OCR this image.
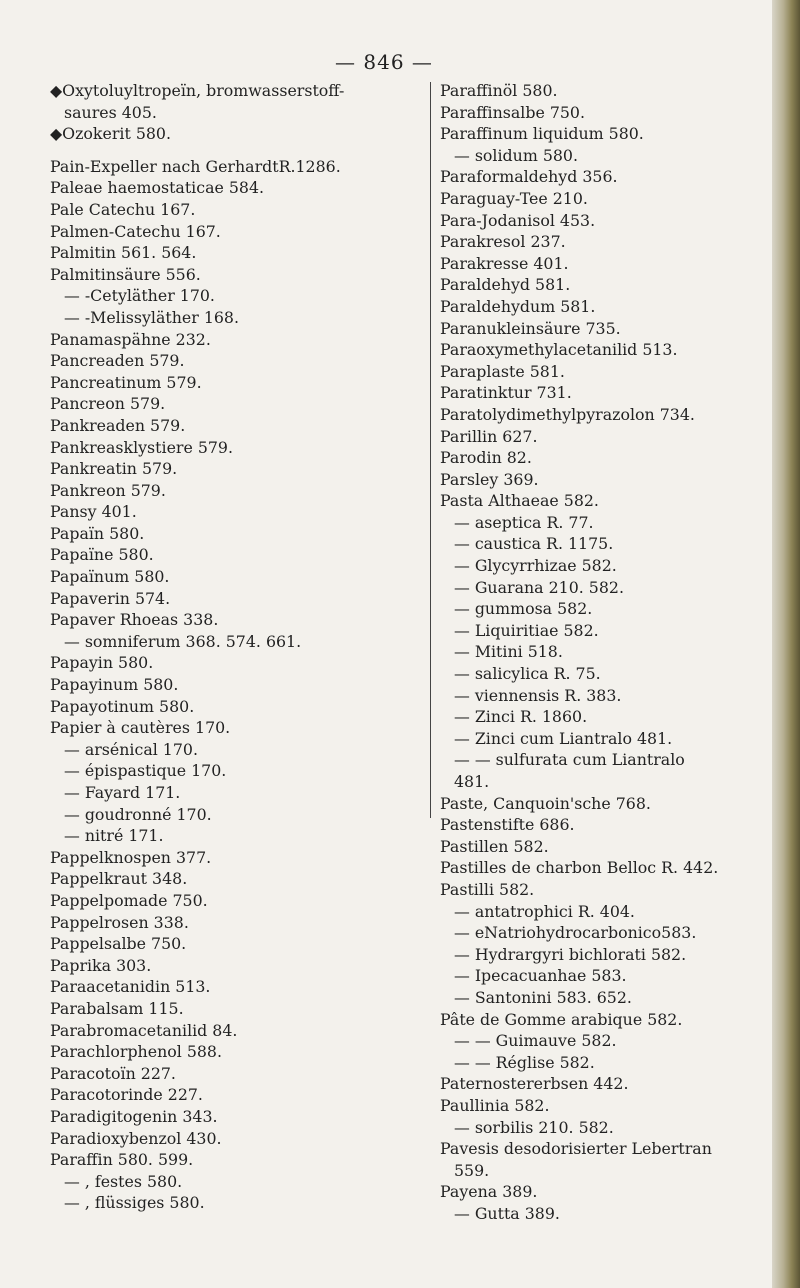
— 846 —
◆Oxytoluyltropeïn, bromwasserstoff-
saures 405.
◆Ozokerit 580.
Pain-Expeller nach GerhardtR.1286.
Paleae haemostaticae 584.
Pale Catechu 167.
Palmen-Catechu 167.
Palmitin 561. 564.
Palmitinsäure 556.
— -Cetyläther 170.
— -Melissyläther 168.
Panamaspähne 232.
Pancreaden 579.
Pancreatinum 579.
Pancreon 579.
Pankreaden 579.
Pankreasklystiere 579.
Pankreatin 579.
Pankreon 579.
Pansy 401.
Papaïn 580.
Papaïne 580.
Papaïnum 580.
Papaverin 574.
Papaver Rhoeas 338.
— somniferum 368. 574. 661.
Papayin 580.
Papayinum 580.
Papayotinum 580.
Papier à cautères 170.
— arsénical 170.
— épispastique 170.
— Fayard 171.
— goudronné 170.
— nitré 171.
Pappelknospen 377.
Pappelkraut 348.
Pappelpomade 750.
Pappelrosen 338.
Pappelsalbe 750.
Paprika 303.
Paraacetanidin 513.
Parabalsam 115.
Parabromacetanilid 84.
Parachlorphenol 588.
Paracotoïn 227.
Paracotorinde 227.
Paradigitogenin 343.
Paradioxybenzol 430.
Paraffin 580. 599.
— , festes 580.
— , flüssiges 580.
Paraffinöl 580.
Paraffinsalbe 750.
Paraffinum liquidum 580.
— solidum 580.
Paraformaldehyd 356.
Paraguay-Tee 210.
Para-Jodanisol 453.
Parakresol 237.
Parakresse 401.
Paraldehyd 581.
Paraldehydum 581.
Paranukleinsäure 735.
Paraoxymethylacetanilid 513.
Paraplaste 581.
Paratinktur 731.
Paratolydimethylpyrazolon 734.
Parillin 627.
Parodin 82.
Parsley 369.
Pasta Althaeae 582.
— aseptica R. 77.
— caustica R. 1175.
— Glycyrrhizae 582.
— Guarana 210. 582.
— gummosa 582.
— Liquiritiae 582.
— Mitini 518.
— salicylica R. 75.
— viennensis R. 383.
— Zinci R. 1860.
— Zinci cum Liantralo 481.
— — sulfurata cum Liantralo
481.
Paste, Canquoin'sche 768.
Pastenstifte 686.
Pastillen 582.
Pastilles de charbon Belloc R. 442.
Pastilli 582.
— antatrophici R. 404.
— eNatriohydrocarbonico583.
— Hydrargyri bichlorati 582.
— Ipecacuanhae 583.
— Santonini 583. 652.
Pâte de Gomme arabique 582.
— — Guimauve 582.
— — Réglise 582.
Paternostererbsen 442.
Paullinia 582.
— sorbilis 210. 582.
Pavesis desodorisierter Lebertran
559.
Payena 389.
— Gutta 389.
